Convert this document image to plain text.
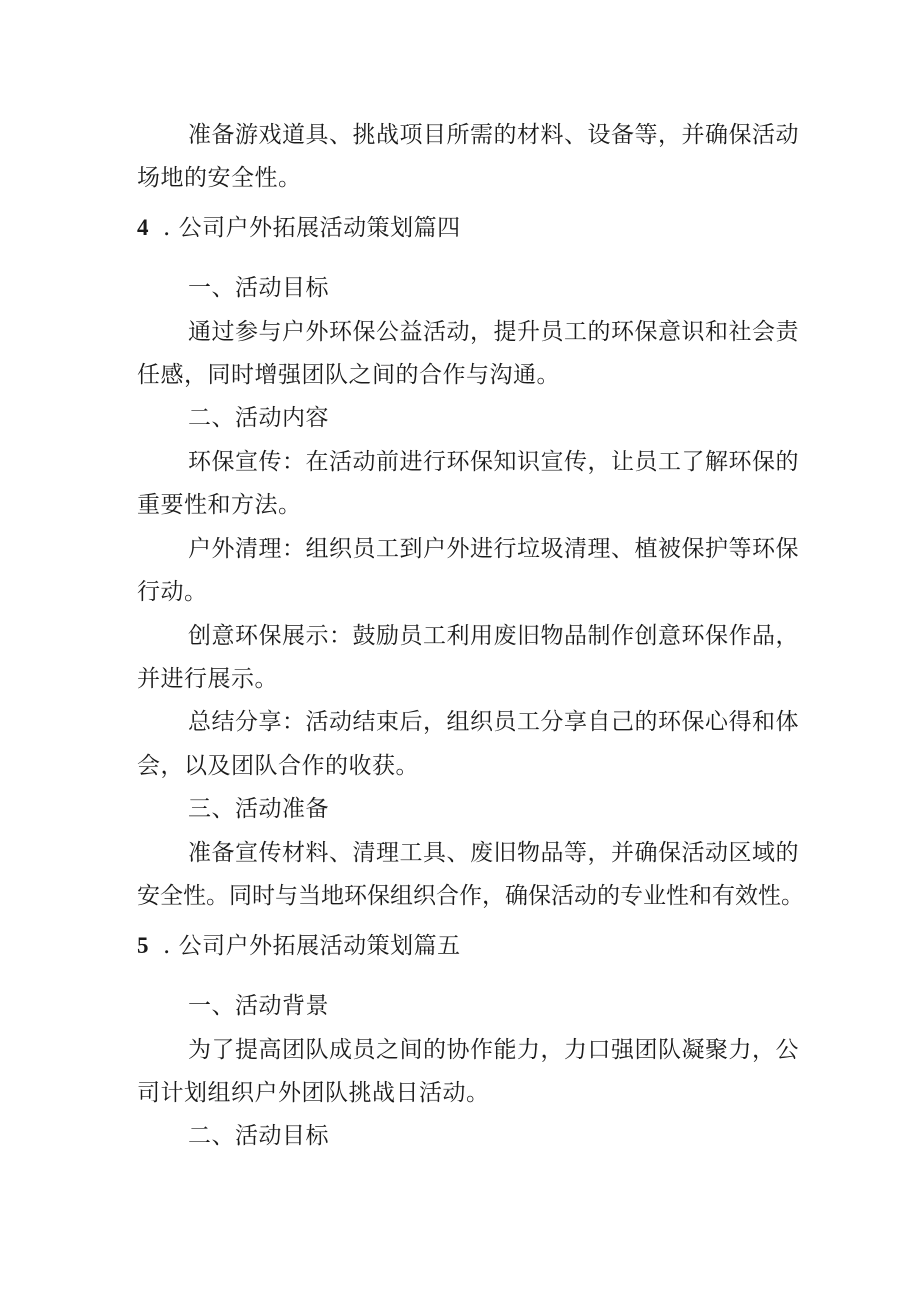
准备游戏道具、挑战项目所需的材料、设备等，并确保活动
场地的安全性。
4 . 公司户外拓展活动策划篇四
一、活动目标
通过参与户外环保公益活动，提升员工的环保意识和社会责
任感，同时增强团队之间的合作与沟通。
二、活动内容
环保宣传：在活动前进行环保知识宣传，让员工了解环保的
重要性和方法。
户外清理：组织员工到户外进行垃圾清理、植被保护等环保
行动。
创意环保展示：鼓励员工利用废旧物品制作创意环保作品，
并进行展示。
总结分享：活动结束后，组织员工分享自己的环保心得和体
会，以及团队合作的收获。
三、活动准备
准备宣传材料、清理工具、废旧物品等，并确保活动区域的
安全性。同时与当地环保组织合作，确保活动的专业性和有效性。
5 . 公司户外拓展活动策划篇五
一、活动背景
为了提高团队成员之间的协作能力，力口强团队凝聚力，公
司计划组织户外团队挑战日活动。
二、活动目标
